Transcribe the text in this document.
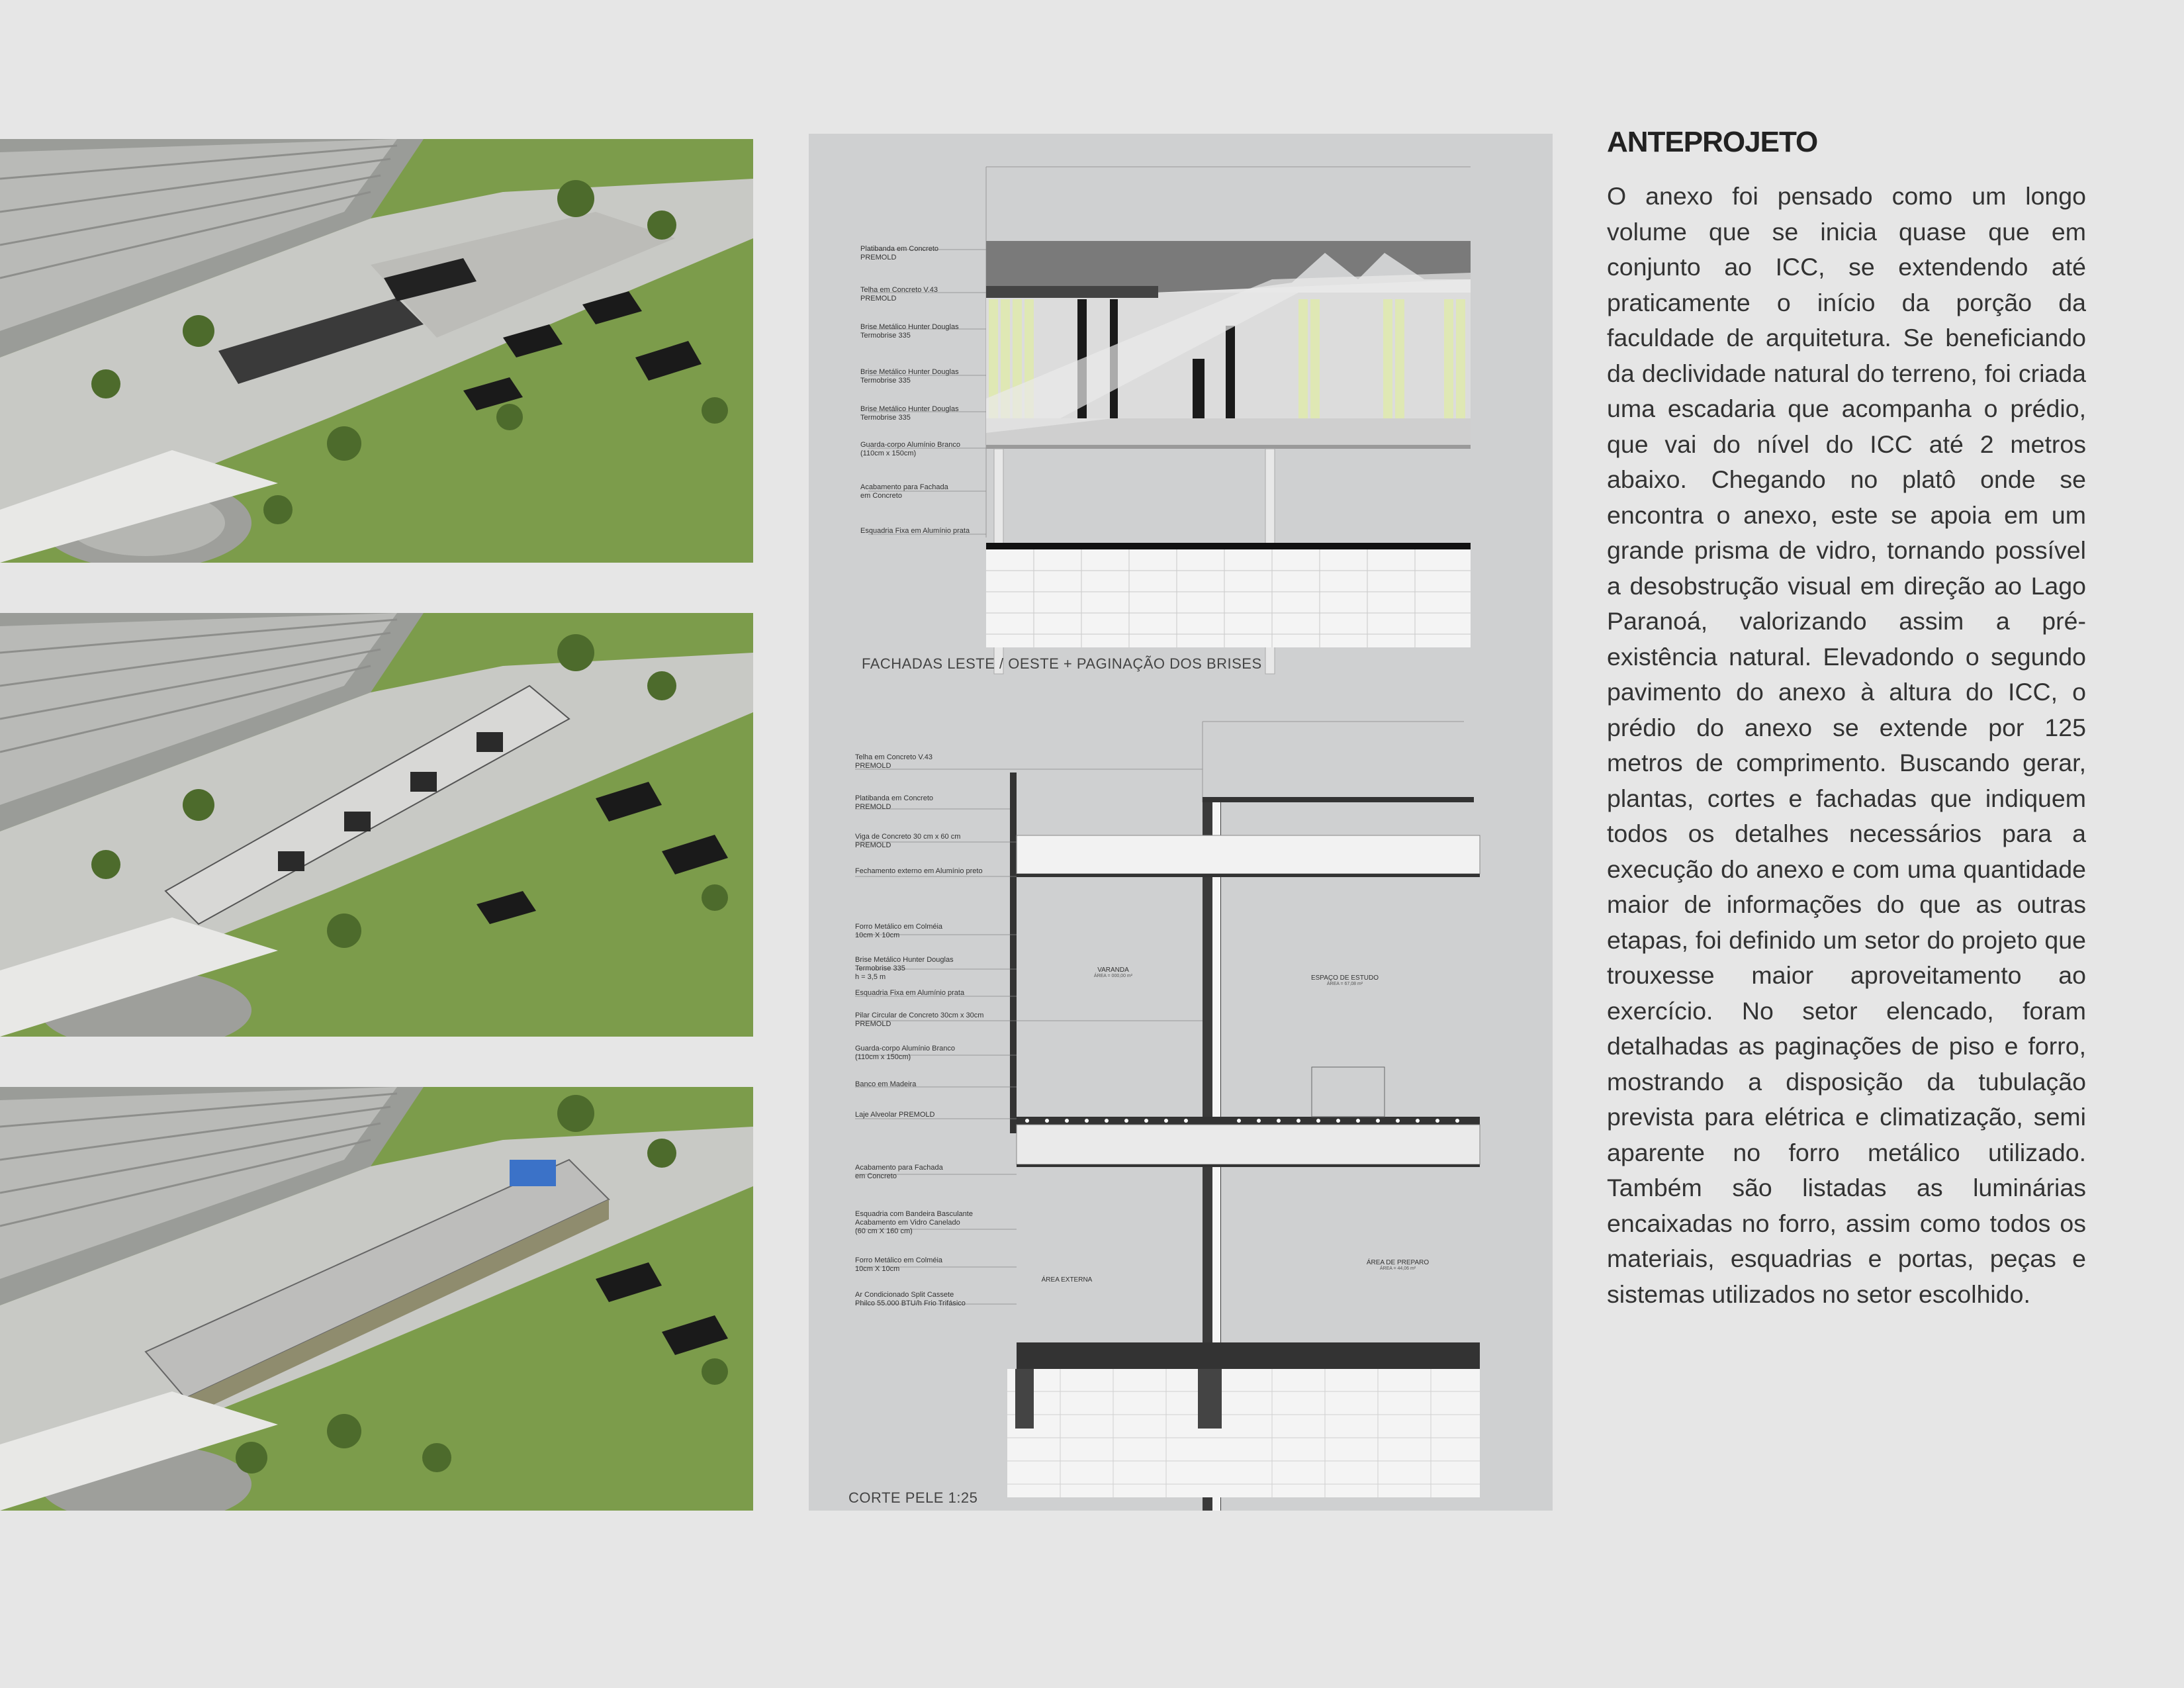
Platibanda em Concreto
PREMOLD
Telha em Concreto V.43
PREMOLD
Brise Metálico Hunter Douglas
Termobrise 335
Brise Metálico Hunter Douglas
Termobrise 335
Brise Metálico Hunter Douglas
Termobrise 335
Guarda-corpo Alumínio Branco
(110cm x 150cm)
Acabamento para Fachada
em Concreto
Esquadria Fixa em Alumínio prata
Telha em Concreto V.43
PREMOLD
Platibanda em Concreto
PREMOLD
Viga de Concreto 30 cm x 60 cm
PREMOLD
Fechamento externo em Alumínio preto
Forro Metálico em Colméia
10cm X 10cm
Brise Metálico Hunter Douglas
Termobrise 335
h = 3,5 m
Esquadria Fixa em Alumínio prata
Pilar Circular de Concreto 30cm x 30cm
PREMOLD
Guarda-corpo Alumínio Branco
(110cm x 150cm)
Banco em Madeira
Laje Alveolar PREMOLD
Acabamento para Fachada
em Concreto
Esquadria com Bandeira Basculante
Acabamento em Vidro Canelado
(60 cm X 160 cm)
Forro Metálico em Colméia
10cm X 10cm
Ar Condicionado Split Cassete
Philco 55.000 BTU/h Frio Trifásico
FACHADAS LESTE / OESTE + PAGINAÇÃO DOS BRISES
CORTE PELE 1:25
VARANDA
ÁREA = 000,00 m²	ESPAÇO DE ESTUDO
ÁREA = 67,08 m²
ÁREA EXTERNA
ÁREA DE PREPARO
ÁREA = 44,06 m²
ANTEPROJETO

O anexo foi pensado como um longo volume que se inicia quase que em conjunto ao ICC, se extendendo até praticamente o início da porção da faculdade de arquitetura. Se beneficiando da declividade natural do terreno, foi criada uma escadaria que acompanha o prédio, que vai do nível do ICC até 2 metros abaixo. Chegando no platô onde se encontra o anexo, este se apoia em um grande prisma de vidro, tornando possível a desobstrução visual em direção ao Lago Paranoá, valorizando assim a pré-existência natural. Elevadondo o segundo pavimento do anexo à altura do ICC, o prédio do anexo se extende por 125 metros de comprimento. Buscando gerar, plantas, cortes e fachadas que indiquem todos os detalhes necessários para a execução do anexo e com uma quantidade maior de informações do que as outras etapas, foi definido um setor do projeto que trouxesse maior aproveitamento ao exercício. No setor elencado, foram detalhadas as paginações de piso e forro, mostrando a disposição da tubulação prevista para elétrica e climatização, semi aparente no forro metálico utilizado. Também são listadas as luminárias encaixadas no forro, assim como todos os materiais, esquadrias e portas, peças e sistemas utilizados no setor escolhido.
